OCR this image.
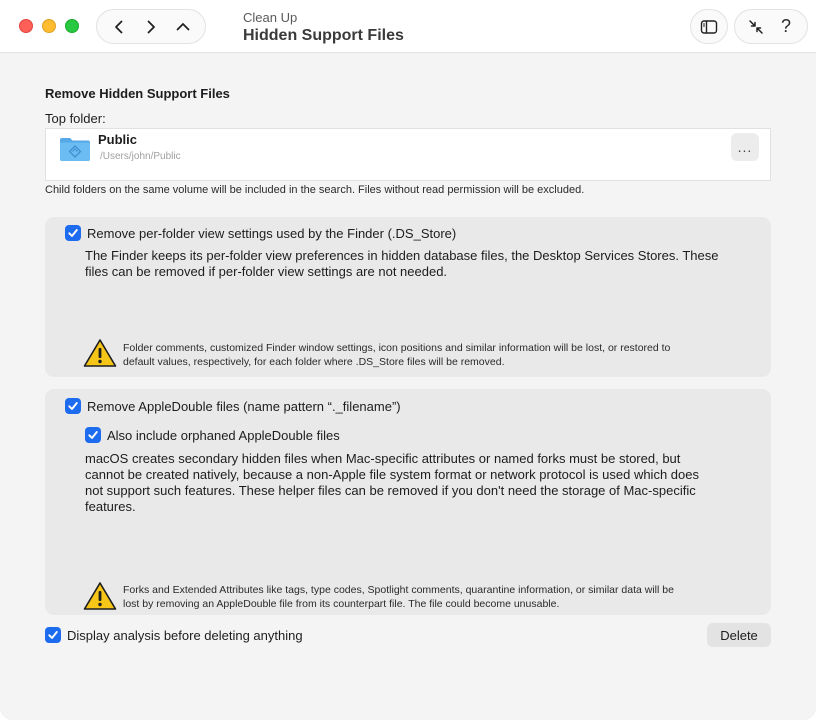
Clean Up
Hidden Support Files	?
Remove Hidden Support Files
Top folder:
Public
/Users/john/Public
...
Child folders on the same volume will be included in the search. Files without read permission will be excluded.
Remove per-folder view settings used by the Finder (.DS_Store)
The Finder keeps its per-folder view preferences in hidden database files, the Desktop Services Stores. These
files can be removed if per-folder view settings are not needed.
Folder comments, customized Finder window settings, icon positions and similar information will be lost, or restored to
default values, respectively, for each folder where .DS_Store files will be removed.
Remove AppleDouble files (name pattern “._filename”)
Also include orphaned AppleDouble files
macOS creates secondary hidden files when Mac-specific attributes or named forks must be stored, but
cannot be created natively, because a non-Apple file system format or network protocol is used which does
not support such features. These helper files can be removed if you don't need the storage of Mac-specific
features.
Forks and Extended Attributes like tags, type codes, Spotlight comments, quarantine information, or similar data will be
lost by removing an AppleDouble file from its counterpart file. The file could become unusable.
Display analysis before deleting anything	Delete
